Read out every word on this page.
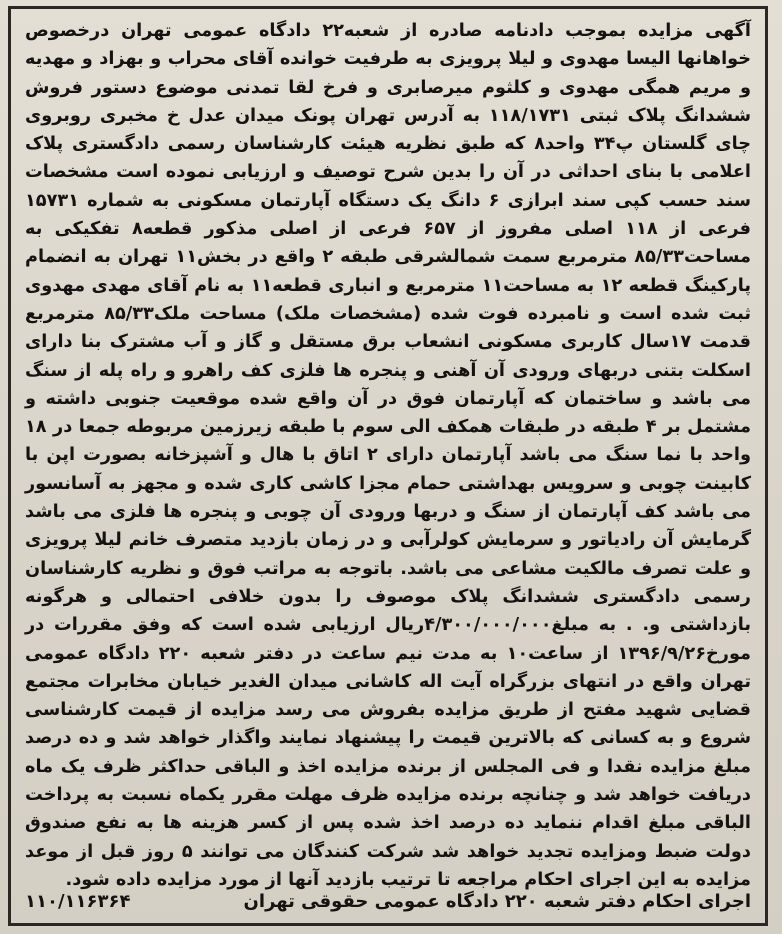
آگهی مزایده بموجب دادنامه صادره از شعبه۲۲ دادگاه عمومی تهران درخصوص خواهانها الیسا مهدوی و لیلا پرویزی به طرفیت خوانده آقای محراب و بهزاد و مهدیه و مریم همگی مهدوی و کلثوم میرصابری و فرخ لقا تمدنی موضوع دستور فروش ششدانگ پلاک ثبتی ۱۱۸/۱۷۳۱ به آدرس تهران پونک میدان عدل خ مخبری روبروی چای گلستان پ۳۴ واحد۸ که طبق نظریه هیئت کارشناسان رسمی دادگستری پلاک اعلامی با بنای احداثی در آن را بدین شرح توصیف و ارزیابی نموده است مشخصات سند حسب کپی سند ابرازی ۶ دانگ یک دستگاه آپارتمان مسکونی به شماره ۱۵۷۳۱ فرعی از ۱۱۸ اصلی مفروز از ۶۵۷ فرعی از اصلی مذکور قطعه۸ تفکیکی به مساحت۸۵/۳۳ مترمربع سمت شمالشرقی طبقه ۲ واقع در بخش۱۱ تهران به انضمام پارکینگ قطعه ۱۲ به مساحت۱۱ مترمربع و انباری قطعه۱۱ به نام آقای مهدی مهدوی ثبت شده است و نامبرده فوت شده (مشخصات ملک) مساحت ملک۸۵/۳۳ مترمربع قدمت ۱۷سال کاربری مسکونی انشعاب برق مستقل و گاز و آب مشترک بنا دارای اسکلت بتنی دربهای ورودی آن آهنی و پنجره ها فلزی کف راهرو و راه پله از سنگ می باشد و ساختمان که آپارتمان فوق در آن واقع شده موقعیت جنوبی داشته و مشتمل بر ۴ طبقه در طبقات همکف الی سوم با طبقه زیرزمین مربوطه جمعا در ۱۸ واحد با نما سنگ می باشد آپارتمان دارای ۲ اتاق با هال و آشپزخانه بصورت اپن با کابینت چوبی و سرویس بهداشتی حمام مجزا کاشی کاری شده و مجهز به آسانسور می باشد کف آپارتمان از سنگ و دربها ورودی آن چوبی و پنجره ها فلزی می باشد گرمایش آن رادیاتور و سرمایش کولرآبی و در زمان بازدید متصرف خانم لیلا پرویزی و علت تصرف مالکیت مشاعی می باشد. باتوجه به مراتب فوق و نظریه کارشناسان رسمی دادگستری ششدانگ پلاک موصوف را بدون خلافی احتمالی و هرگونه بازداشتی و. . به مبلغ۴/۳۰۰/۰۰۰/۰۰۰ریال ارزیابی شده است که وفق مقررات در مورخ۱۳۹۶/۹/۲۶ از ساعت۱۰ به مدت نیم ساعت در دفتر شعبه ۲۲۰ دادگاه عمومی تهران واقع در انتهای بزرگراه آیت اله کاشانی میدان الغدیر خیابان مخابرات مجتمع قضایی شهید مفتح از طریق مزایده بفروش می رسد مزایده از قیمت کارشناسی شروع و به کسانی که بالاترین قیمت را پیشنهاد نمایند واگذار خواهد شد و ده درصد مبلغ مزایده نقدا و فی المجلس از برنده مزایده اخذ و الباقی حداکثر ظرف یک ماه دریافت خواهد شد و چنانچه برنده مزایده ظرف مهلت مقرر یکماه نسبت به پرداخت الباقی مبلغ اقدام ننماید ده درصد اخذ شده پس از کسر هزینه ها به نفع صندوق دولت ضبط ومزایده تجدید خواهد شد شرکت کنندگان می توانند ۵ روز قبل از موعد مزایده به این اجرای احکام مراجعه تا ترتیب بازدید آنها از مورد مزایده داده شود.

اجرای احکام دفتر شعبه ۲۲۰ دادگاه عمومی حقوقی تهران
۱۱۰/۱۱۶۳۶۴
